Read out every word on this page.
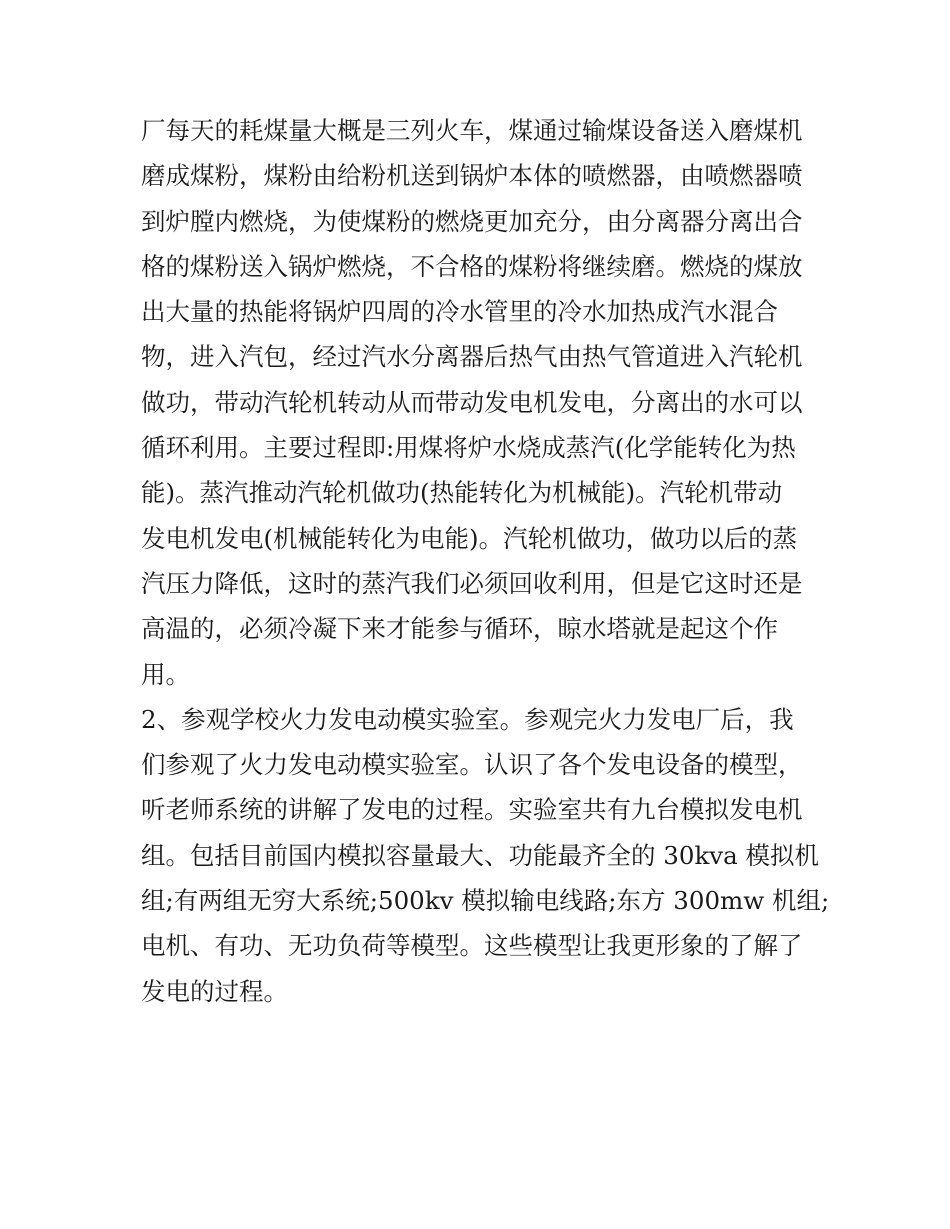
厂每天的耗煤量大概是三列火车，煤通过输煤设备送入磨煤机
磨成煤粉，煤粉由给粉机送到锅炉本体的喷燃器，由喷燃器喷
到炉膛内燃烧，为使煤粉的燃烧更加充分，由分离器分离出合
格的煤粉送入锅炉燃烧，不合格的煤粉将继续磨。燃烧的煤放
出大量的热能将锅炉四周的冷水管里的冷水加热成汽水混合
物，进入汽包，经过汽水分离器后热气由热气管道进入汽轮机
做功，带动汽轮机转动从而带动发电机发电，分离出的水可以
循环利用。主要过程即:用煤将炉水烧成蒸汽(化学能转化为热
能)。蒸汽推动汽轮机做功(热能转化为机械能)。汽轮机带动
发电机发电(机械能转化为电能)。汽轮机做功，做功以后的蒸
汽压力降低，这时的蒸汽我们必须回收利用，但是它这时还是
高温的，必须冷凝下来才能参与循环，晾水塔就是起这个作
用。
2、参观学校火力发电动模实验室。参观完火力发电厂后，我
们参观了火力发电动模实验室。认识了各个发电设备的模型，
听老师系统的讲解了发电的过程。实验室共有九台模拟发电机
组。包括目前国内模拟容量最大、功能最齐全的 30kva 模拟机
组;有两组无穷大系统;500kv 模拟输电线路;东方 300mw 机组;
电机、有功、无功负荷等模型。这些模型让我更形象的了解了
发电的过程。
